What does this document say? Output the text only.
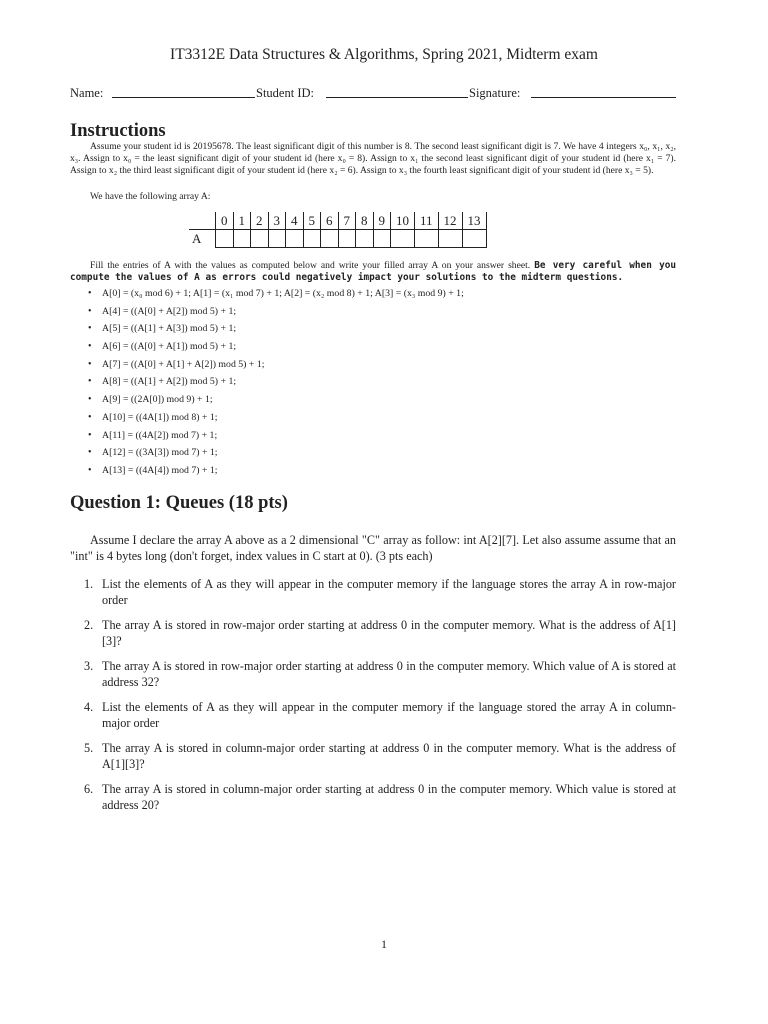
IT3312E Data Structures & Algorithms, Spring 2021, Midterm exam
Name:	Student ID:	Signature:
Instructions
Assume your student id is 20195678. The least significant digit of this number is 8. The second least significant digit is 7. We have 4 integers x₀, x₁, x₂, x₃. Assign to x₀ = the least significant digit of your student id (here x₀ = 8). Assign to x₁ the second least significant digit of your student id (here x₁ = 7). Assign to x₂ the third least significant digit of your student id (here x₂ = 6). Assign to x₃ the fourth least significant digit of your student id (here x₃ = 5).
We have the following array A:
	0	1	2	3	4	5	6	7	8	9	10	11	12	13
A														
Fill the entries of A with the values as computed below and write your filled array A on your answer sheet. Be very careful when you compute the values of A as errors could negatively impact your solutions to the midterm questions.
• A[0] = (x₀ mod 6) + 1; A[1] = (x₁ mod 7) + 1; A[2] = (x₂ mod 8) + 1; A[3] = (x₃ mod 9) + 1;
• A[4] = ((A[0] + A[2]) mod 5) + 1;
• A[5] = ((A[1] + A[3]) mod 5) + 1;
• A[6] = ((A[0] + A[1]) mod 5) + 1;
• A[7] = ((A[0] + A[1] + A[2]) mod 5) + 1;
• A[8] = ((A[1] + A[2]) mod 5) + 1;
• A[9] = ((2A[0]) mod 9) + 1;
• A[10] = ((4A[1]) mod 8) + 1;
• A[11] = ((4A[2]) mod 7) + 1;
• A[12] = ((3A[3]) mod 7) + 1;
• A[13] = ((4A[4]) mod 7) + 1;
Question 1: Queues (18 pts)
Assume I declare the array A above as a 2 dimensional "C" array as follow: int A[2][7]. Let also assume assume that an "int" is 4 bytes long (don't forget, index values in C start at 0). (3 pts each)
1. List the elements of A as they will appear in the computer memory if the language stores the array A in row-major order
2. The array A is stored in row-major order starting at address 0 in the computer memory. What is the address of A[1][3]?
3. The array A is stored in row-major order starting at address 0 in the computer memory. Which value of A is stored at address 32?
4. List the elements of A as they will appear in the computer memory if the language stored the array A in column-major order
5. The array A is stored in column-major order starting at address 0 in the computer memory. What is the address of A[1][3]?
6. The array A is stored in column-major order starting at address 0 in the computer memory. Which value is stored at address 20?
1
